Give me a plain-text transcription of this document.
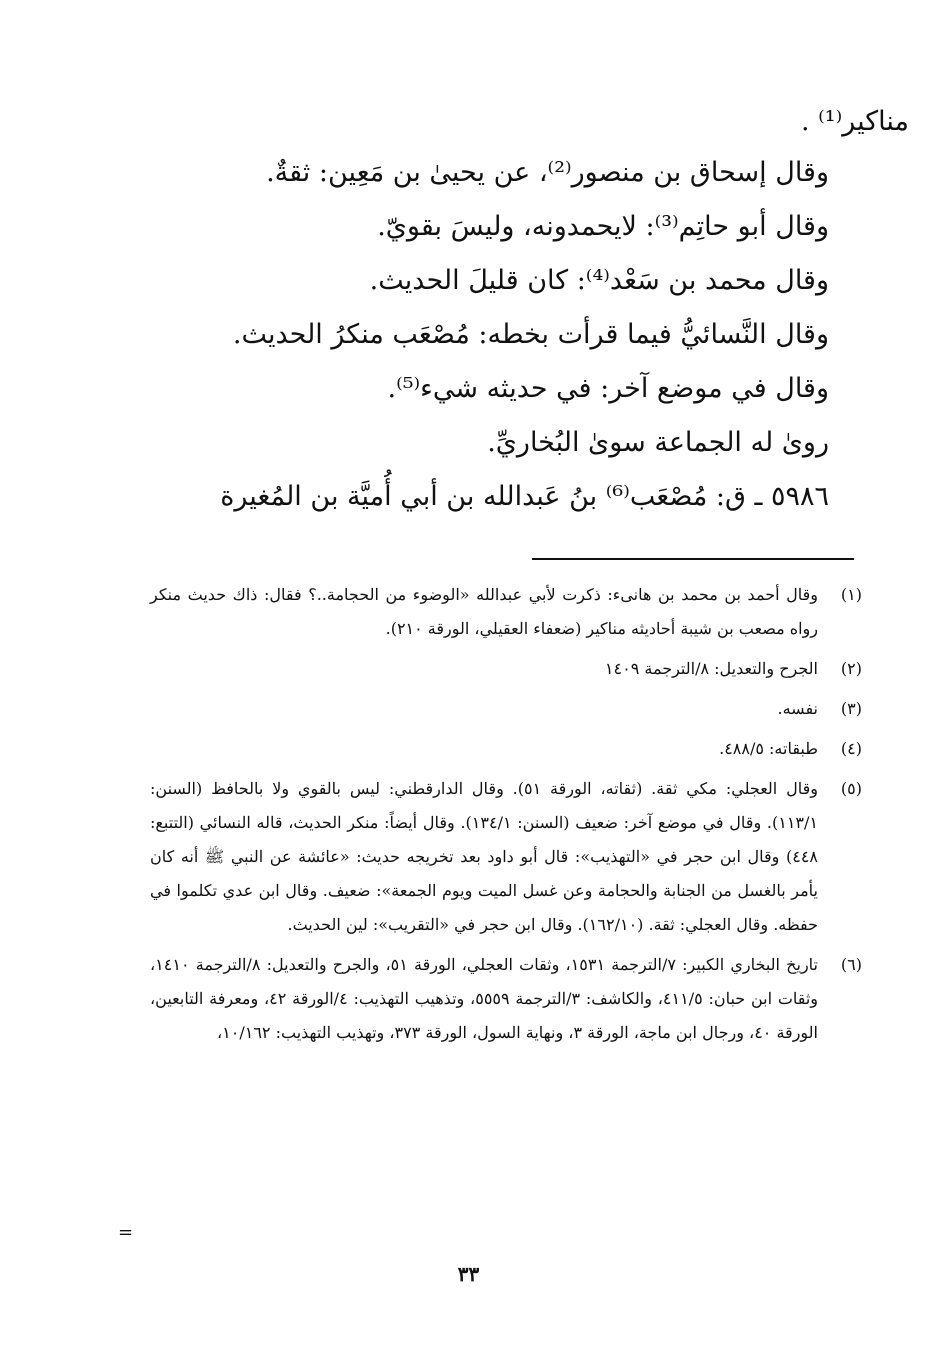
مناكير⁽¹⁾ .
وقال إسحاق بن منصور⁽²⁾، عن يحيىٰ بن مَعِين: ثقةٌ.
وقال أبو حاتِم⁽³⁾: لايحمدونه، وليسَ بقويّ.
وقال محمد بن سَعْد⁽⁴⁾: كان قليلَ الحديث.
وقال النَّسائيُّ فيما قرأت بخطه: مُصْعَب منكرُ الحديث.
وقال في موضع آخر: في حديثه شيء⁽⁵⁾.
روىٰ له الجماعة سوىٰ البُخاريِّ.
٥٩٨٦ ـ ق: مُصْعَب⁽⁶⁾ بنُ عَبدالله بن أبي أُميَّة بن المُغيرة
(١)
وقال أحمد بن محمد بن هانىء: ذكرت لأبي عبدالله «الوضوء من الحجامة..؟ فقال: ذاك حديث منكر رواه مصعب بن شيبة أحاديثه مناكير (ضعفاء العقيلي، الورقة ٢١٠).
(٢)
الجرح والتعديل: ٨/الترجمة ١٤٠٩
(٣)
نفسه.
(٤)
طبقاته: ٤٨٨/٥.
(٥)
وقال العجلي: مكي ثقة. (ثقاته، الورقة ٥١). وقال الدارقطني: ليس بالقوي ولا بالحافظ (السنن: ١١٣/١). وقال في موضع آخر: ضعيف (السنن: ١٣٤/١). وقال أيضاً: منكر الحديث، قاله النسائي (التتبع: ٤٤٨) وقال ابن حجر في «التهذيب»: قال أبو داود بعد تخريجه حديث: «عائشة عن النبي ﷺ أنه كان يأمر بالغسل من الجنابة والحجامة وعن غسل الميت ويوم الجمعة»: ضعيف. وقال ابن عدي تكلموا في حفظه. وقال العجلي: ثقة. (١٦٢/١٠). وقال ابن حجر في «التقريب»: لين الحديث.
(٦)
تاريخ البخاري الكبير: ٧/الترجمة ١٥٣١، وثقات العجلي، الورقة ٥١، والجرح والتعديل: ٨/الترجمة ١٤١٠، وثقات ابن حبان: ٤١١/٥، والكاشف: ٣/الترجمة ٥٥٥٩، وتذهيب التهذيب: ٤/الورقة ٤٢، ومعرفة التابعين، الورقة ٤٠، ورجال ابن ماجة، الورقة ٣، ونهاية السول، الورقة ٣٧٣، وتهذيب التهذيب: ١٠/١٦٢،
=
٣٣
